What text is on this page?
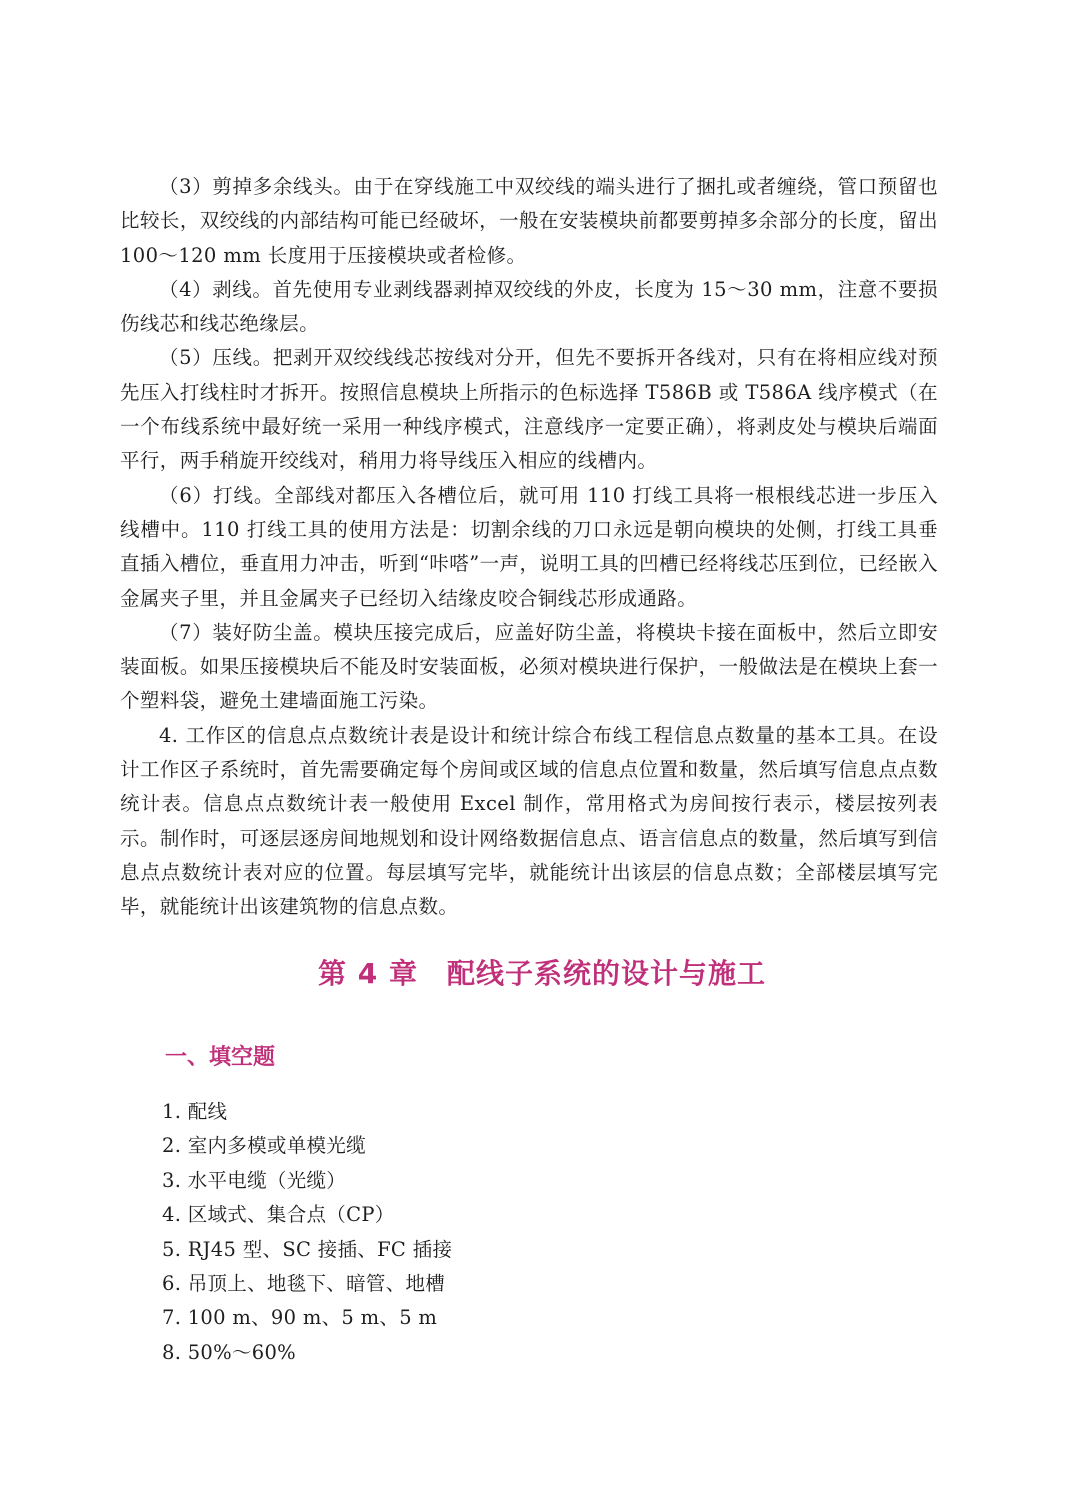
（3）剪掉多余线头。由于在穿线施工中双绞线的端头进行了捆扎或者缠绕，管口预留也比较长，双绞线的内部结构可能已经破坏，一般在安装模块前都要剪掉多余部分的长度，留出 100～120 mm 长度用于压接模块或者检修。

（4）剥线。首先使用专业剥线器剥掉双绞线的外皮，长度为 15～30 mm，注意不要损伤线芯和线芯绝缘层。

（5）压线。把剥开双绞线线芯按线对分开，但先不要拆开各线对，只有在将相应线对预先压入打线柱时才拆开。按照信息模块上所指示的色标选择 T586B 或 T586A 线序模式（在一个布线系统中最好统一采用一种线序模式，注意线序一定要正确），将剥皮处与模块后端面平行，两手稍旋开绞线对，稍用力将导线压入相应的线槽内。

（6）打线。全部线对都压入各槽位后，就可用 110 打线工具将一根根线芯进一步压入线槽中。110 打线工具的使用方法是：切割余线的刀口永远是朝向模块的处侧，打线工具垂直插入槽位，垂直用力冲击，听到“咔嗒”一声，说明工具的凹槽已经将线芯压到位，已经嵌入金属夹子里，并且金属夹子已经切入结缘皮咬合铜线芯形成通路。

（7）装好防尘盖。模块压接完成后，应盖好防尘盖，将模块卡接在面板中，然后立即安装面板。如果压接模块后不能及时安装面板，必须对模块进行保护，一般做法是在模块上套一个塑料袋，避免土建墙面施工污染。

4. 工作区的信息点点数统计表是设计和统计综合布线工程信息点数量的基本工具。在设计工作区子系统时，首先需要确定每个房间或区域的信息点位置和数量，然后填写信息点点数统计表。信息点点数统计表一般使用 Excel 制作，常用格式为房间按行表示，楼层按列表示。制作时，可逐层逐房间地规划和设计网络数据信息点、语言信息点的数量，然后填写到信息点点数统计表对应的位置。每层填写完毕，就能统计出该层的信息点数；全部楼层填写完毕，就能统计出该建筑物的信息点数。

第 4 章　配线子系统的设计与施工
一、填空题
1. 配线
2. 室内多模或单模光缆
3. 水平电缆（光缆）
4. 区域式、集合点（CP）
5. RJ45 型、SC 接插、FC 插接
6. 吊顶上、地毯下、暗管、地槽
7. 100 m、90 m、5 m、5 m
8. 50%～60%
